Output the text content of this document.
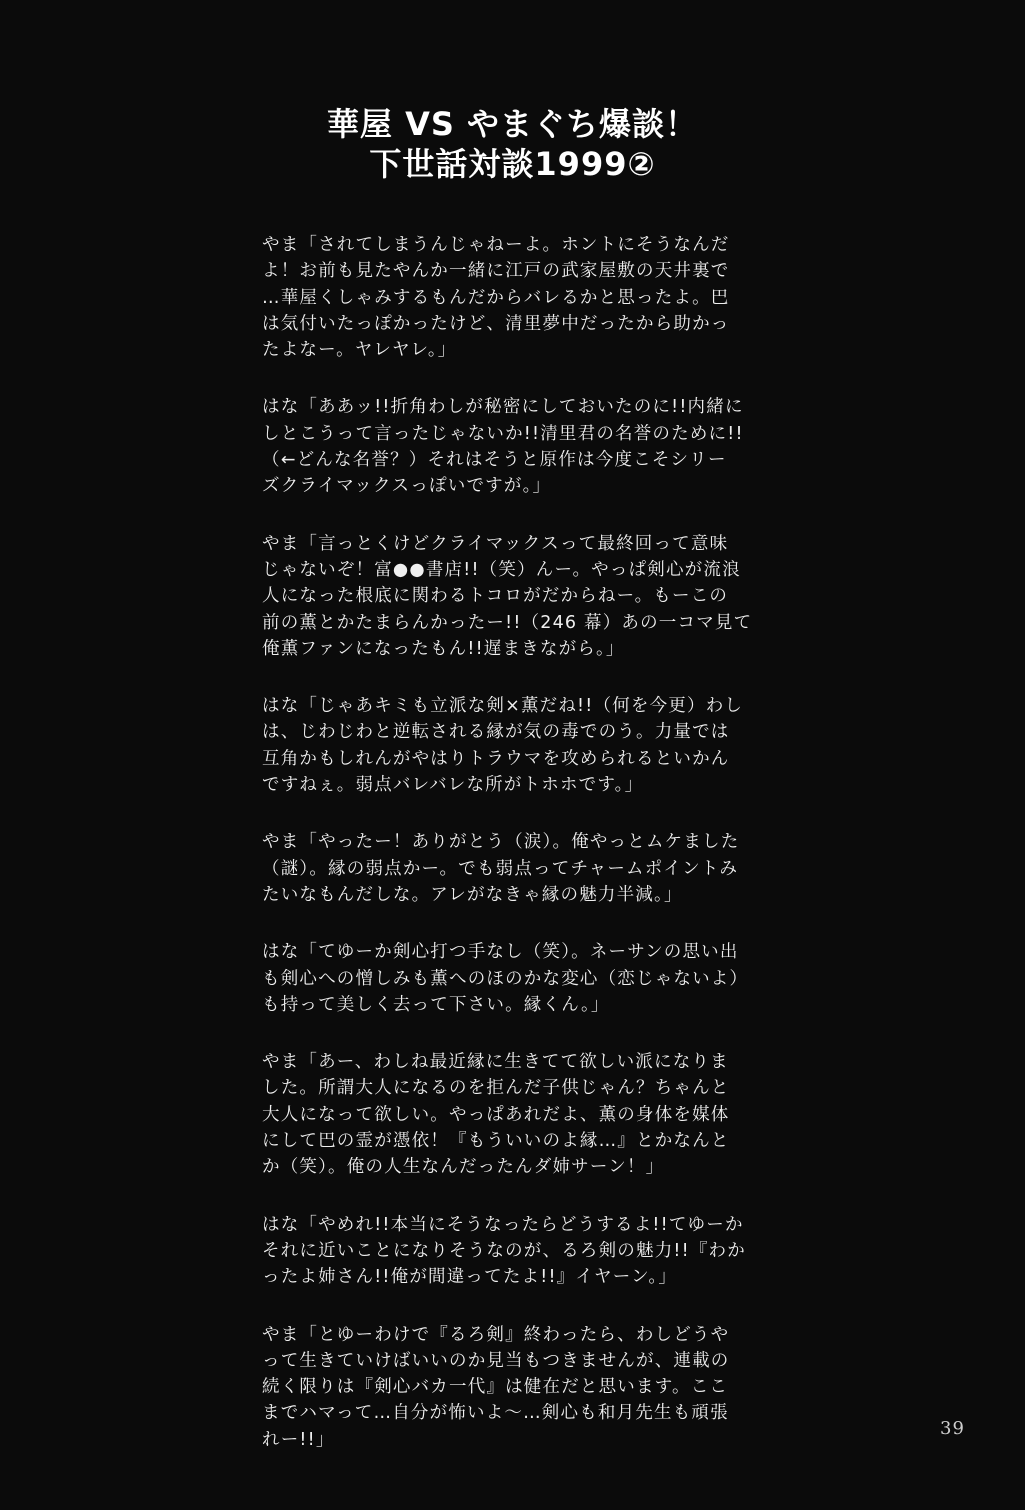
華屋 VS やまぐち爆談！
下世話対談1999②

やま「されてしまうんじゃねーよ。ホントにそうなんだ
よ！お前も見たやんか一緒に江戸の武家屋敷の天井裏で
…華屋くしゃみするもんだからバレるかと思ったよ。巴
は気付いたっぽかったけど、清里夢中だったから助かっ
たよなー。ヤレヤレ。」

はな「ああッ!!折角わしが秘密にしておいたのに!!内緒に
しとこうって言ったじゃないか!!清里君の名誉のために!!
（←どんな名誉？）それはそうと原作は今度こそシリー
ズクライマックスっぽいですが。」

やま「言っとくけどクライマックスって最終回って意味
じゃないぞ！富●●書店!!（笑）んー。やっぱ剣心が流浪
人になった根底に関わるトコロがだからねー。もーこの
前の薫とかたまらんかったー!!（246 幕）あの一コマ見て
俺薫ファンになったもん!!遅まきながら。」

はな「じゃあキミも立派な剣×薫だね!!（何を今更）わし
は、じわじわと逆転される縁が気の毒でのう。力量では
互角かもしれんがやはりトラウマを攻められるといかん
ですねぇ。弱点バレバレな所がトホホです。」

やま「やったー！ありがとう（涙）。俺やっとムケました
（謎）。縁の弱点かー。でも弱点ってチャームポイントみ
たいなもんだしな。アレがなきゃ縁の魅力半減。」

はな「てゆーか剣心打つ手なし（笑）。ネーサンの思い出
も剣心への憎しみも薫へのほのかな変心（恋じゃないよ）
も持って美しく去って下さい。縁くん。」

やま「あー、わしね最近縁に生きてて欲しい派になりま
した。所謂大人になるのを拒んだ子供じゃん？ちゃんと
大人になって欲しい。やっぱあれだよ、薫の身体を媒体
にして巴の霊が憑依！『もういいのよ縁…』とかなんと
か（笑）。俺の人生なんだったんダ姉サーン！」

はな「やめれ!!本当にそうなったらどうするよ!!てゆーか
それに近いことになりそうなのが、るろ剣の魅力!!『わか
ったよ姉さん!!俺が間違ってたよ!!』イヤーン。」

やま「とゆーわけで『るろ剣』終わったら、わしどうや
って生きていけばいいのか見当もつきませんが、連載の
続く限りは『剣心バカ一代』は健在だと思います。ここ
までハマって…自分が怖いよ〜…剣心も和月先生も頑張
れー!!」

39
